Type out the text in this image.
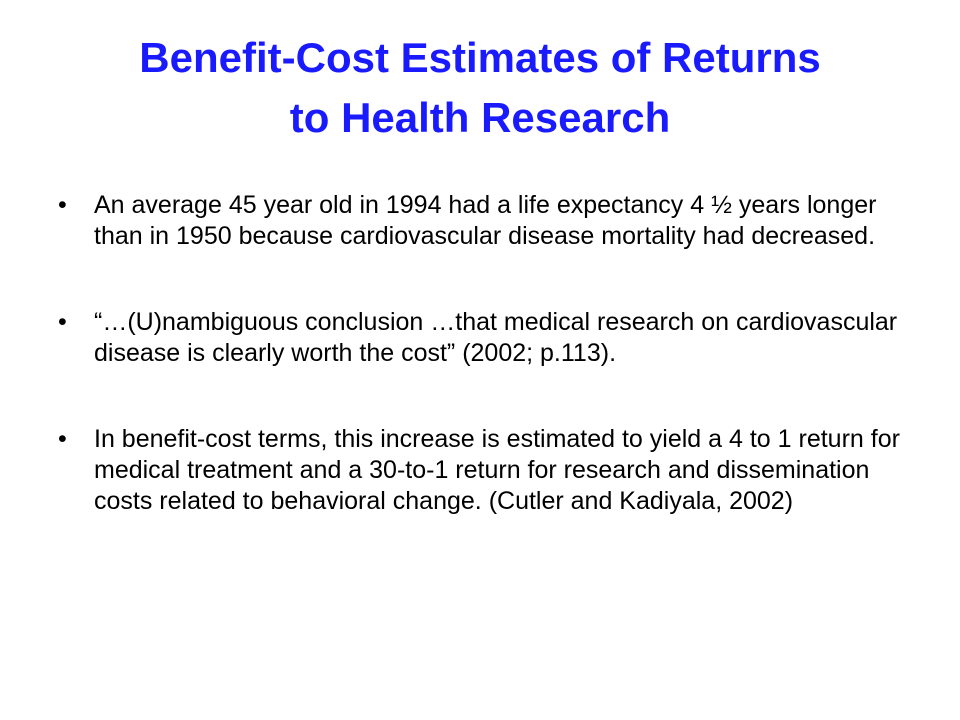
Benefit-Cost Estimates of Returns
to Health Research
• An average 45 year old in 1994 had a life expectancy 4 ½ years longer than in 1950 because cardiovascular disease mortality had decreased.
• “…(U)nambiguous conclusion …that medical research on cardiovascular disease is clearly worth the cost” (2002; p.113).
• In benefit-cost terms, this increase is estimated to yield a 4 to 1 return for medical treatment and a 30-to-1 return for research and dissemination costs related to behavioral change. (Cutler and Kadiyala, 2002)
